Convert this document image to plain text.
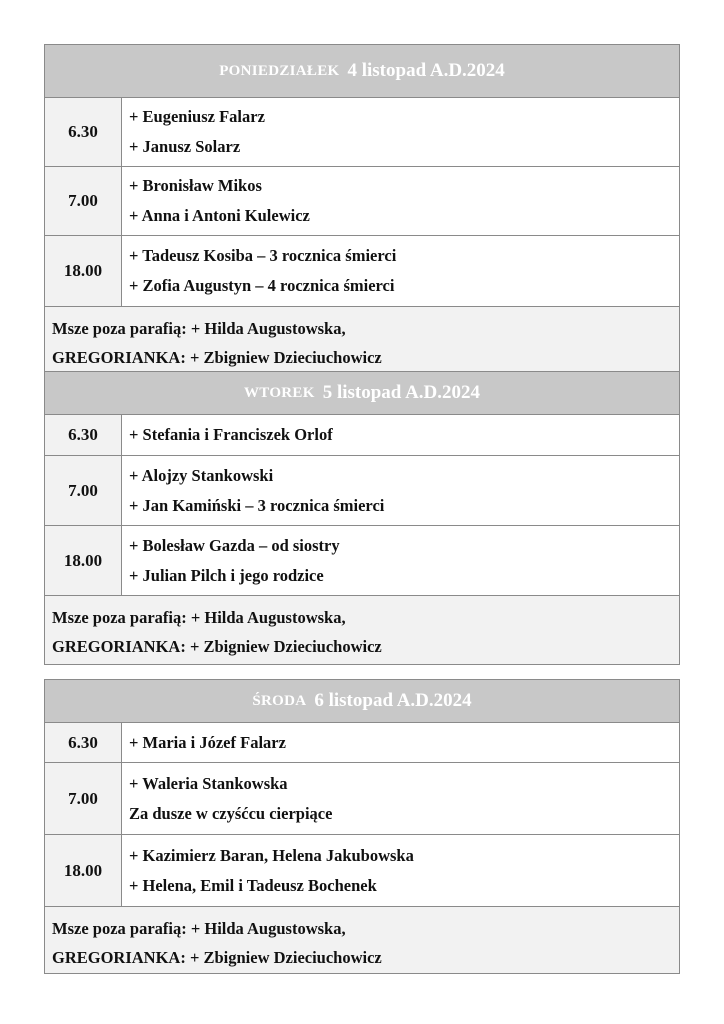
PONIEDZIAŁEK 4 listopad A.D.2024
6.30
+ Eugeniusz Falarz
+ Janusz Solarz
7.00
+ Bronisław Mikos
+ Anna i Antoni Kulewicz
18.00
+ Tadeusz Kosiba – 3 rocznica śmierci
+ Zofia Augustyn – 4 rocznica śmierci
Msze poza parafią: + Hilda Augustowska,
GREGORIANKA: + Zbigniew Dzieciuchowicz
WTOREK 5 listopad A.D.2024
6.30	+ Stefania i Franciszek Orlof
7.00
+ Alojzy Stankowski
+ Jan Kamiński – 3 rocznica śmierci
18.00
+ Bolesław Gazda – od siostry
+ Julian Pilch i jego rodzice
Msze poza parafią: + Hilda Augustowska,
GREGORIANKA: + Zbigniew Dzieciuchowicz
ŚRODA 6 listopad A.D.2024
6.30	+ Maria i Józef Falarz
7.00
+ Waleria Stankowska
Za dusze w czyśćcu cierpiące
18.00
+ Kazimierz Baran, Helena Jakubowska
+ Helena, Emil i Tadeusz Bochenek
Msze poza parafią: + Hilda Augustowska,
GREGORIANKA: + Zbigniew Dzieciuchowicz
